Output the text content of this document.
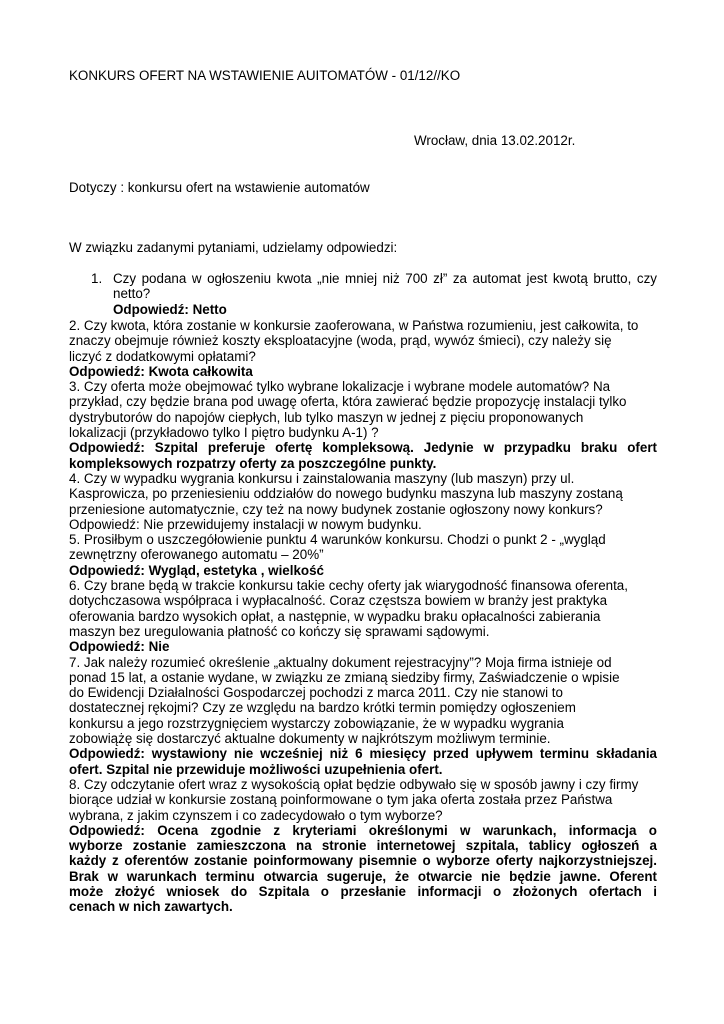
KONKURS OFERT NA WSTAWIENIE AUITOMATÓW - 01/12//KO
Wrocław, dnia 13.02.2012r.
Dotyczy : konkursu ofert na wstawienie automatów
W związku zadanymi pytaniami, udzielamy odpowiedzi:
1. Czy podana w ogłoszeniu kwota „nie mniej niż 700 zł” za automat jest kwotą brutto, czy
netto?
Odpowiedź: Netto
2. Czy kwota, która zostanie w konkursie zaoferowana, w Państwa rozumieniu, jest całkowita, to
znaczy obejmuje również koszty eksploatacyjne (woda, prąd, wywóz śmieci), czy należy się
liczyć z dodatkowymi opłatami?
Odpowiedź: Kwota całkowita
3. Czy oferta może obejmować tylko wybrane lokalizacje i wybrane modele automatów? Na
przykład, czy będzie brana pod uwagę oferta, która zawierać będzie propozycję instalacji tylko
dystrybutorów do napojów ciepłych, lub tylko maszyn w jednej z pięciu proponowanych
lokalizacji (przykładowo tylko I piętro budynku A-1) ?
Odpowiedź: Szpital preferuje ofertę kompleksową. Jedynie w przypadku braku ofert
kompleksowych rozpatrzy oferty za poszczególne punkty.
4. Czy w wypadku wygrania konkursu i zainstalowania maszyny (lub maszyn) przy ul.
Kasprowicza, po przeniesieniu oddziałów do nowego budynku maszyna lub maszyny zostaną
przeniesione automatycznie, czy też na nowy budynek zostanie ogłoszony nowy konkurs?
Odpowiedź: Nie przewidujemy instalacji w nowym budynku.
5. Prosiłbym o uszczegółowienie punktu 4 warunków konkursu. Chodzi o punkt 2 - „wygląd
zewnętrzny oferowanego automatu – 20%”
Odpowiedź: Wygląd, estetyka , wielkość
6. Czy brane będą w trakcie konkursu takie cechy oferty jak wiarygodność finansowa oferenta,
dotychczasowa współpraca i wypłacalność. Coraz częstsza bowiem w branży jest praktyka
oferowania bardzo wysokich opłat, a następnie, w wypadku braku opłacalności zabierania
maszyn bez uregulowania płatność co kończy się sprawami sądowymi.
Odpowiedź: Nie
7. Jak należy rozumieć określenie „aktualny dokument rejestracyjny”? Moja firma istnieje od
ponad 15 lat, a ostanie wydane, w związku ze zmianą siedziby firmy, Zaświadczenie o wpisie
do Ewidencji Działalności Gospodarczej pochodzi z marca 2011. Czy nie stanowi to
dostatecznej rękojmi? Czy ze względu na bardzo krótki termin pomiędzy ogłoszeniem
konkursu a jego rozstrzygnięciem wystarczy zobowiązanie, że w wypadku wygrania
zobowiążę się dostarczyć aktualne dokumenty w najkrótszym możliwym terminie.
Odpowiedź: wystawiony nie wcześniej niż 6 miesięcy przed upływem terminu składania
ofert. Szpital nie przewiduje możliwości uzupełnienia ofert.
8. Czy odczytanie ofert wraz z wysokością opłat będzie odbywało się w sposób jawny i czy firmy
biorące udział w konkursie zostaną poinformowane o tym jaka oferta została przez Państwa
wybrana, z jakim czynszem i co zadecydowało o tym wyborze?
Odpowiedź: Ocena zgodnie z kryteriami określonymi w warunkach, informacja o
wyborze zostanie zamieszczona na stronie internetowej szpitala, tablicy ogłoszeń a
każdy z oferentów zostanie poinformowany pisemnie o wyborze oferty najkorzystniejszej.
Brak w warunkach terminu otwarcia sugeruje, że otwarcie nie będzie jawne. Oferent
może złożyć wniosek do Szpitala o przesłanie informacji o złożonych ofertach i
cenach w nich zawartych.
